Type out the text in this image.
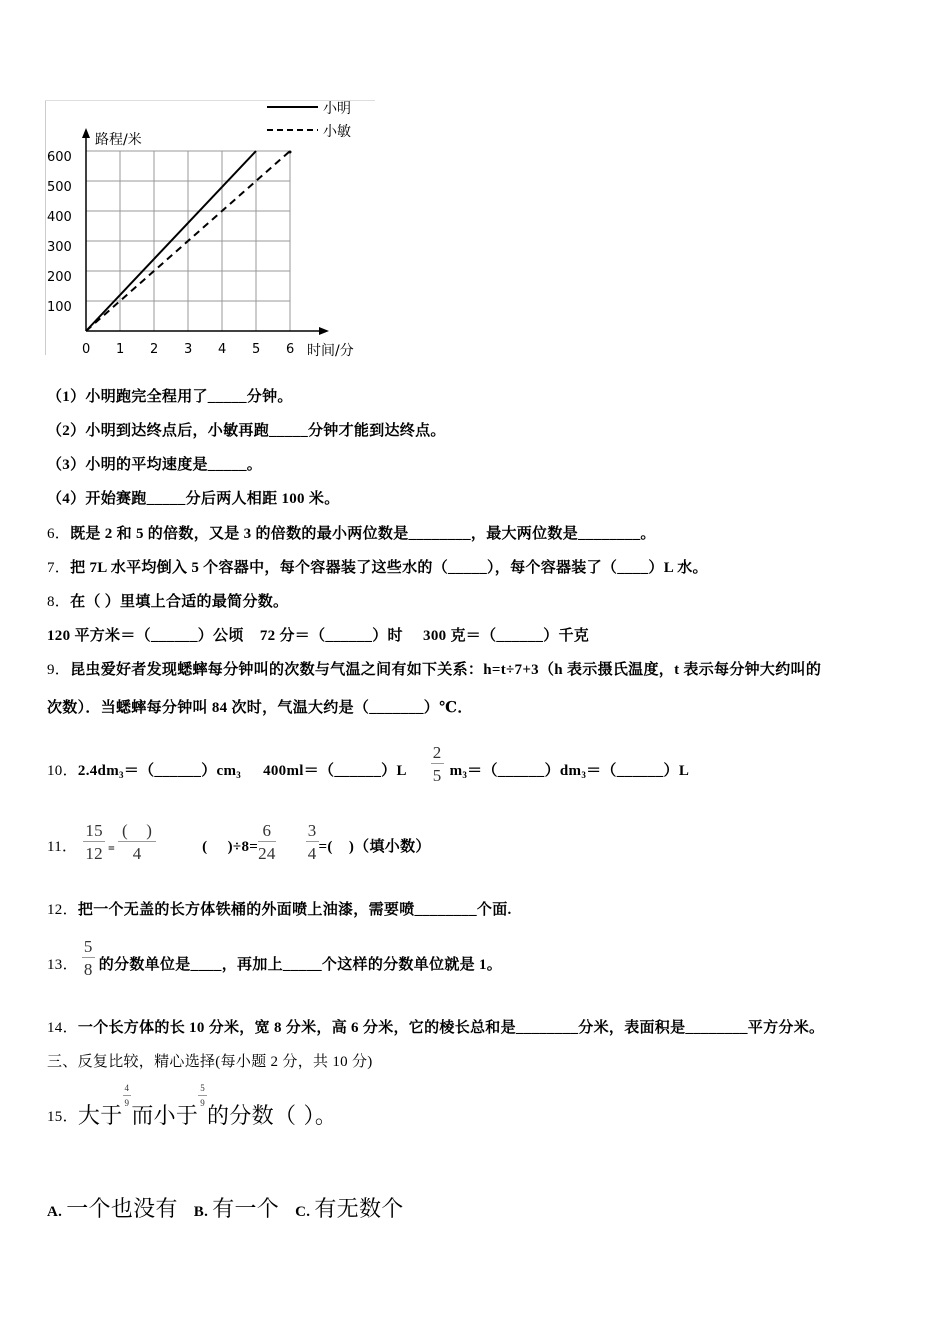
小明
小敏
路程/米
时间/分
600
500
400
300
200
100
0 1 2 3 4 5 6
（1）小明跑完全程用了_____分钟。
（2）小明到达终点后，小敏再跑_____分钟才能到达终点。
（3）小明的平均速度是_____。
（4）开始赛跑_____分后两人相距 100 米。
6．既是 2 和 5 的倍数，又是 3 的倍数的最小两位数是________，最大两位数是________。
7．把 7L 水平均倒入 5 个容器中，每个容器装了这些水的（_____），每个容器装了（____）L 水。
8．在（ ）里填上合适的最简分数。
120 平方米＝（______）公顷    72 分＝（______）时     300 克＝（______）千克
9．昆虫爱好者发现蟋蟀每分钟叫的次数与气温之间有如下关系：h=t÷7+3（h 表示摄氏温度，t 表示每分钟大约叫的
次数）．当蟋蟀每分钟叫 84 次时，气温大约是（_______）℃．
10． $2.4dm_3$ $=(\_\_\_\_\_\_)cm_3$ 400ml＝（______）L $\frac{2}{5} m_3$ $=(\_\_\_\_\_\_)dm_3$ ＝（______）L
11． $\frac{15}{12} = \frac{( )}{4}$	(     )$\div 8= \frac{6}{24} \frac{3}{4}$ =(    )（填小数）
12．把一个无盖的长方体铁桶的外面喷上油漆，需要喷________个面.
13． $\frac{5}{8}$ 的分数单位是____，再加上_____个这样的分数单位就是 1。
14．一个长方体的长 10 分米，宽 8 分米，高 6 分米，它的棱长总和是________分米，表面积是________平方分米。
三、反复比较，精心选择(每小题 2 分，共 10 分)
15． 大于
$\frac{4}{9}$
而小于
$\frac{5}{9}$
的分数（ ）。
A. 一个也没有 B. 有一个 C. 有无数个
